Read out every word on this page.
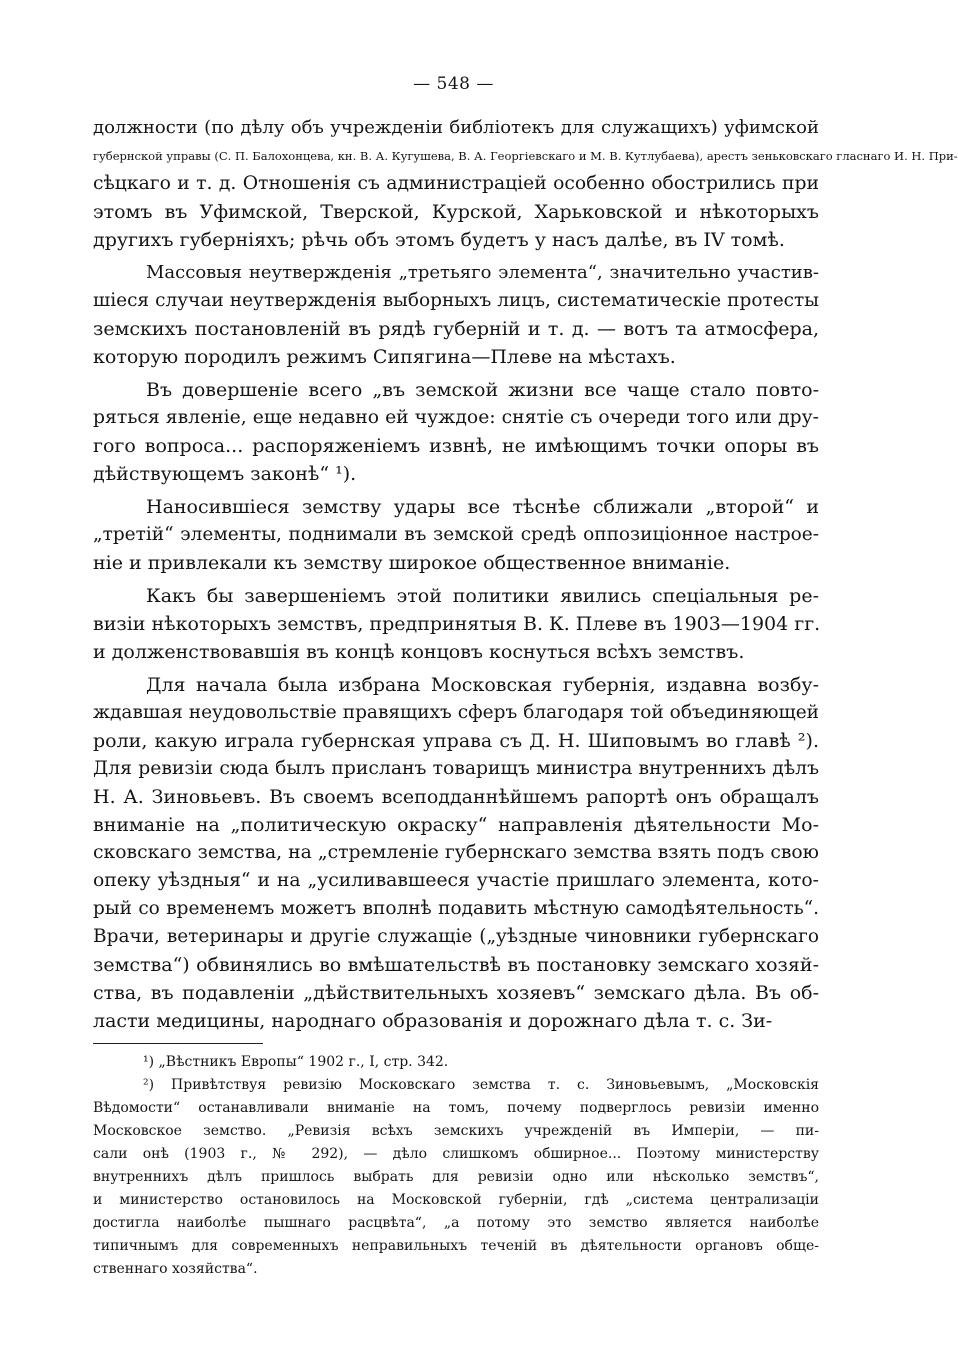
— 548 —
должности (по дѣлу объ учрежденіи библіотекъ для служащихъ) уфимской
губернской управы (С. П. Балохонцева, кн. В. А. Кугушева, В. А. Георгіевскаго и М. В. Кутлубаева), арестъ зеньковскаго гласнаго И. Н. При-
сѣцкаго и т. д. Отношенія съ администраціей особенно обострились при
этомъ въ Уфимской, Тверской, Курской, Харьковской и нѣкоторыхъ
другихъ губерніяхъ; рѣчь объ этомъ будетъ у насъ далѣе, въ IV томѣ.
Массовыя неутвержденія „третьяго элемента“, значительно участив-
шіеся случаи неутвержденія выборныхъ лицъ, систематическіе протесты
земскихъ постановленій въ рядѣ губерній и т. д. — вотъ та атмосфера,
которую породилъ режимъ Сипягина—Плеве на мѣстахъ.
Въ довершеніе всего „въ земской жизни все чаще стало повто-
ряться явленіе, еще недавно ей чуждое: снятіе съ очереди того или дру-
гого вопроса... распоряженіемъ извнѣ, не имѣющимъ точки опоры въ
дѣйствующемъ законѣ“ ¹).
Наносившіеся земству удары все тѣснѣе сближали „второй“ и
„третій“ элементы, поднимали въ земской средѣ оппозиціонное настрое-
ніе и привлекали къ земству широкое общественное вниманіе.
Какъ бы завершеніемъ этой политики явились спеціальныя ре-
визіи нѣкоторыхъ земствъ, предпринятыя В. К. Плеве въ 1903—1904 гг.
и долженствовавшія въ концѣ концовъ коснуться всѣхъ земствъ.
Для начала была избрана Московская губернія, издавна возбу-
ждавшая неудовольствіе правящихъ сферъ благодаря той объединяющей
роли, какую играла губернская управа съ Д. Н. Шиповымъ во главѣ ²).
Для ревизіи сюда былъ присланъ товарищъ министра внутреннихъ дѣлъ
Н. А. Зиновьевъ. Въ своемъ всеподданнѣйшемъ рапортѣ онъ обращалъ
вниманіе на „политическую окраску“ направленія дѣятельности Мо-
сковскаго земства, на „стремленіе губернскаго земства взять подъ свою
опеку уѣздныя“ и на „усиливавшееся участіе пришлаго элемента, кото-
рый со временемъ можетъ вполнѣ подавить мѣстную самодѣятельность“.
Врачи, ветеринары и другіе служащіе („уѣздные чиновники губернскаго
земства“) обвинялись во вмѣшательствѣ въ постановку земскаго хозяй-
ства, въ подавленіи „дѣйствительныхъ хозяевъ“ земскаго дѣла. Въ об-
ласти медицины, народнаго образованія и дорожнаго дѣла т. с. Зи-
¹) „Вѣстникъ Европы“ 1902 г., I, стр. 342.
²) Привѣтствуя ревизію Московскаго земства т. с. Зиновьевымъ, „Московскія
Вѣдомости“ останавливали вниманіе на томъ, почему подверглось ревизіи именно
Московское земство. „Ревизія всѣхъ земскихъ учрежденій въ Имперіи, — пи-
сали онѣ (1903 г., № 292), — дѣло слишкомъ обширное... Поэтому министерству
внутреннихъ дѣлъ пришлось выбрать для ревизіи одно или нѣсколько земствъ“,
и министерство остановилось на Московской губерніи, гдѣ „система централизаціи
достигла наиболѣе пышнаго расцвѣта“, „а потому это земство является наиболѣе
типичнымъ для современныхъ неправильныхъ теченій въ дѣятельности органовъ обще-
ственнаго хозяйства“.
